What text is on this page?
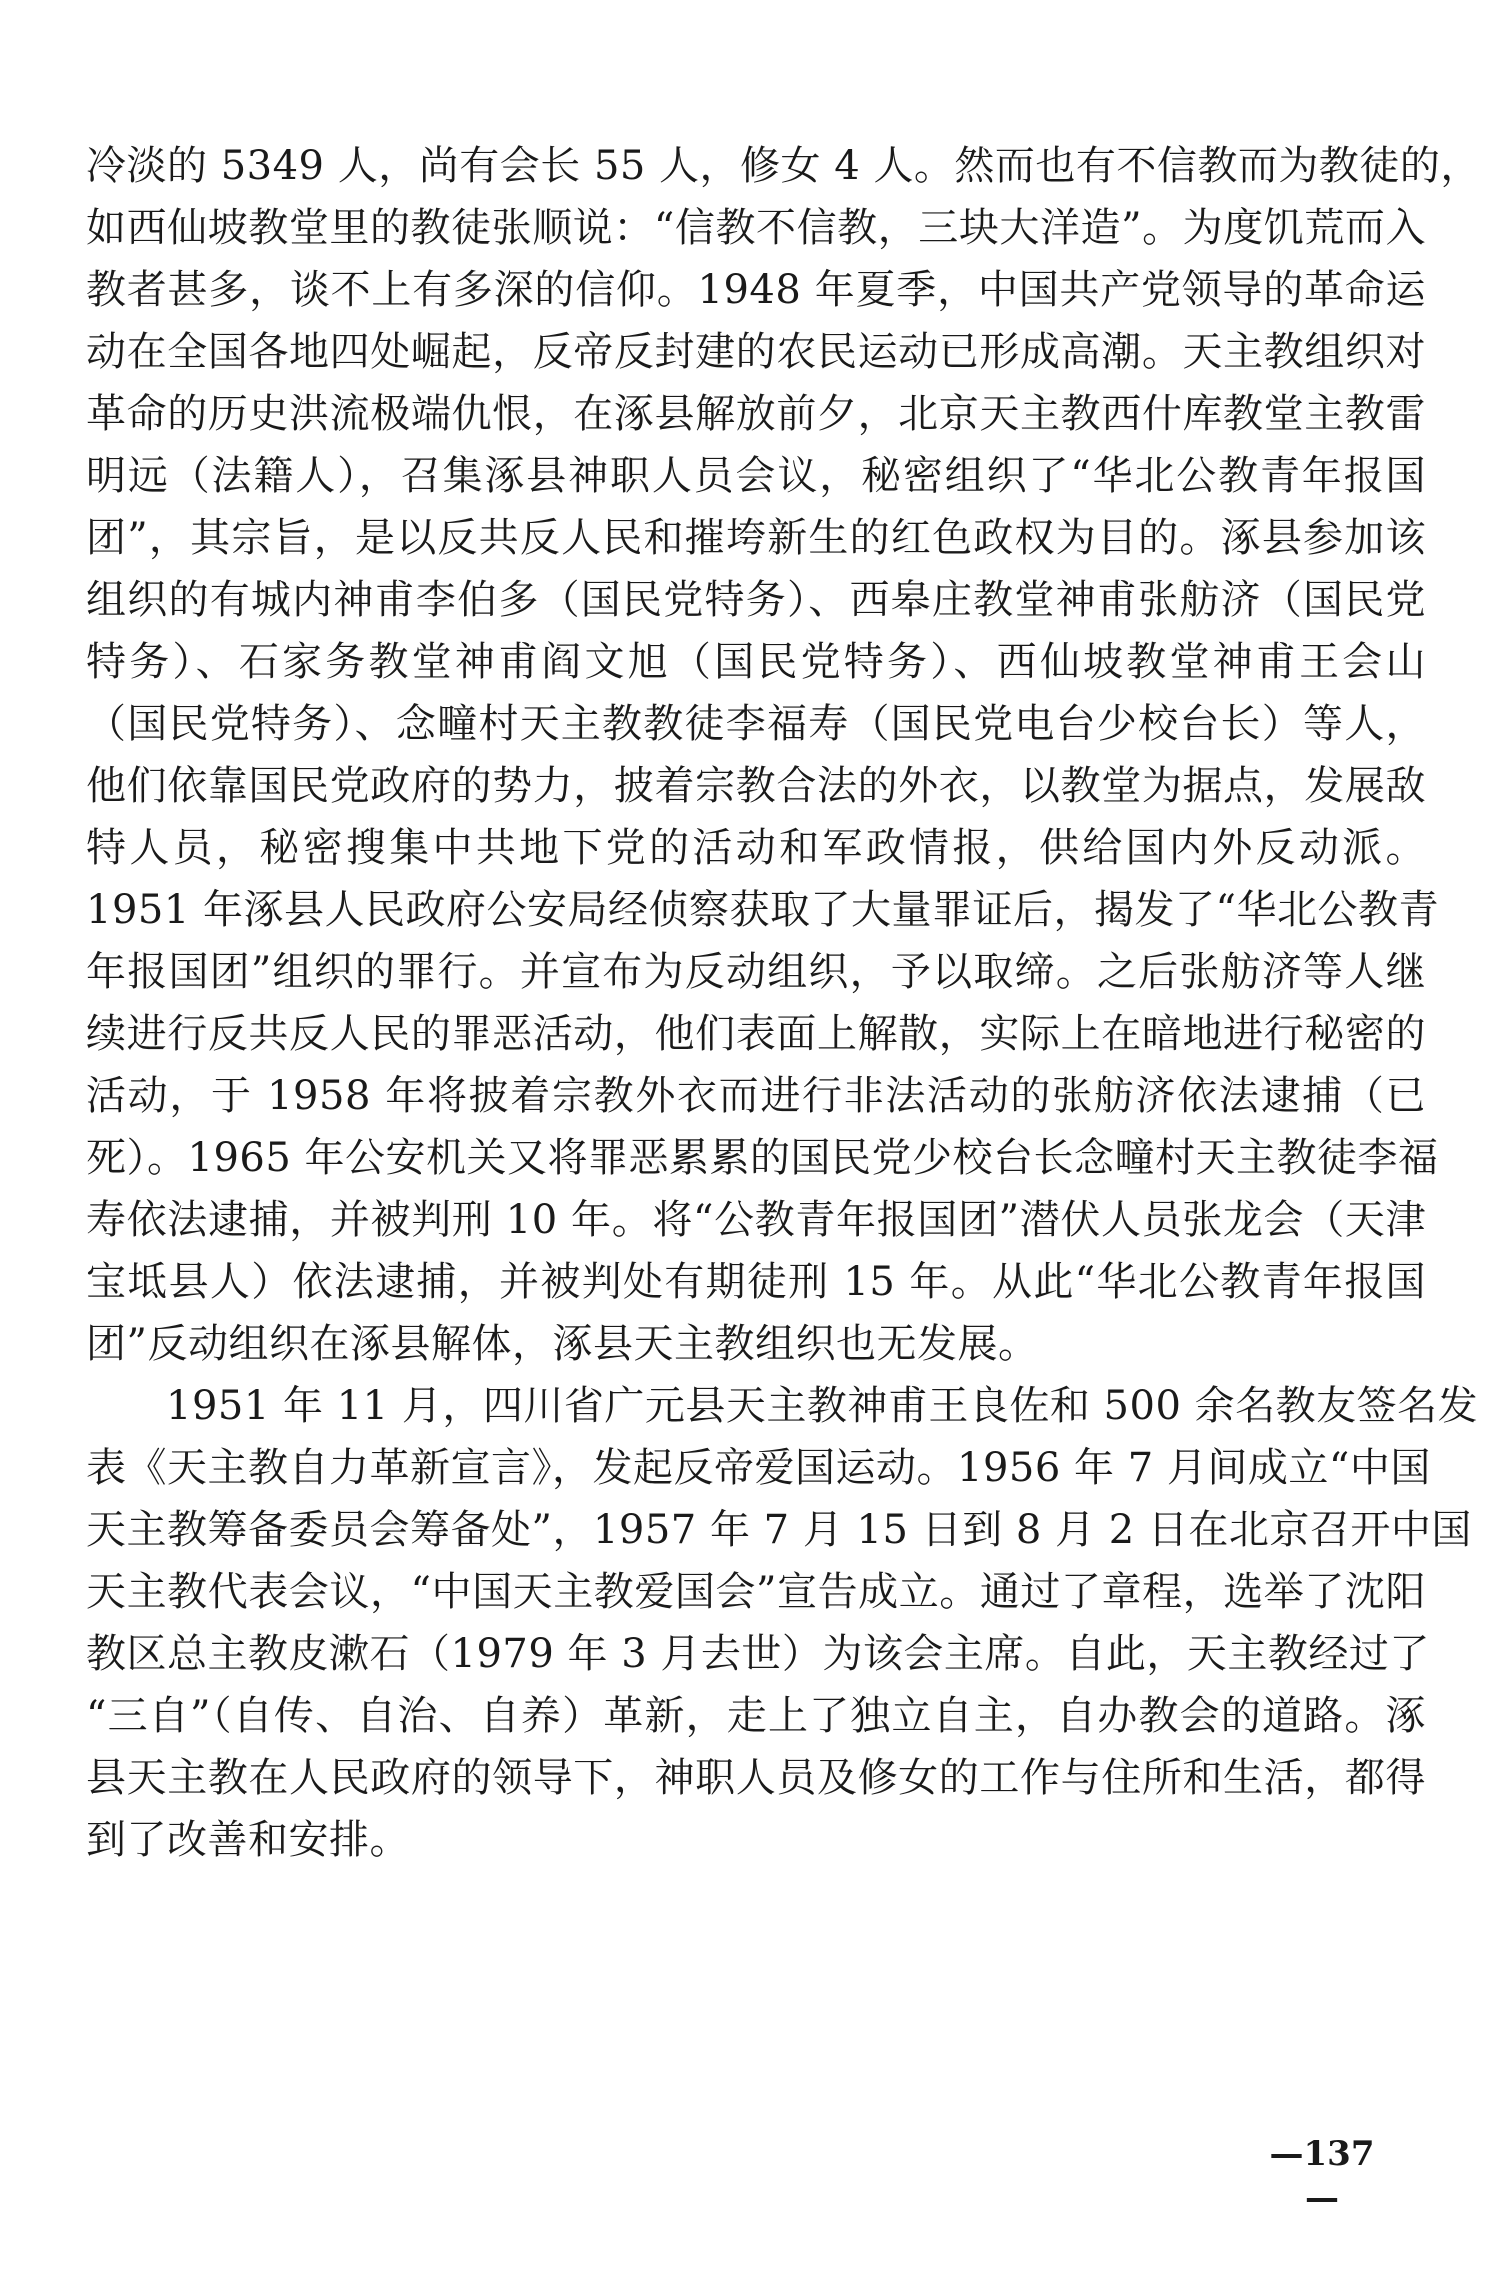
冷淡的 5349 人，尚有会长 55 人，修女 4 人。然而也有不信教而为教徒的，
如西仙坡教堂里的教徒张顺说：“信教不信教，三块大洋造”。为度饥荒而入
教者甚多，谈不上有多深的信仰。1948 年夏季，中国共产党领导的革命运
动在全国各地四处崛起，反帝反封建的农民运动已形成高潮。天主教组织对
革命的历史洪流极端仇恨，在涿县解放前夕，北京天主教西什库教堂主教雷
明远（法籍人），召集涿县神职人员会议，秘密组织了“华北公教青年报国
团”，其宗旨，是以反共反人民和摧垮新生的红色政权为目的。涿县参加该
组织的有城内神甫李伯多（国民党特务）、西皋庄教堂神甫张舫济（国民党
特务）、石家务教堂神甫阎文旭（国民党特务）、西仙坡教堂神甫王会山
（国民党特务）、念疃村天主教教徒李福寿（国民党电台少校台长）等人，
他们依靠国民党政府的势力，披着宗教合法的外衣，以教堂为据点，发展敌
特人员，秘密搜集中共地下党的活动和军政情报，供给国内外反动派。
1951 年涿县人民政府公安局经侦察获取了大量罪证后，揭发了“华北公教青
年报国团”组织的罪行。并宣布为反动组织，予以取缔。之后张舫济等人继
续进行反共反人民的罪恶活动，他们表面上解散，实际上在暗地进行秘密的
活动，于 1958 年将披着宗教外衣而进行非法活动的张舫济依法逮捕（已
死）。1965 年公安机关又将罪恶累累的国民党少校台长念疃村天主教徒李福
寿依法逮捕，并被判刑 10 年。将“公教青年报国团”潜伏人员张龙会（天津
宝坻县人）依法逮捕，并被判处有期徒刑 15 年。从此“华北公教青年报国
团”反动组织在涿县解体，涿县天主教组织也无发展。
1951 年 11 月，四川省广元县天主教神甫王良佐和 500 余名教友签名发
表《天主教自力革新宣言》，发起反帝爱国运动。1956 年 7 月间成立“中国
天主教筹备委员会筹备处”，1957 年 7 月 15 日到 8 月 2 日在北京召开中国
天主教代表会议，“中国天主教爱国会”宣告成立。通过了章程，选举了沈阳
教区总主教皮漱石（1979 年 3 月去世）为该会主席。自此，天主教经过了
“三自”（自传、自治、自养）革新，走上了独立自主，自办教会的道路。涿
县天主教在人民政府的领导下，神职人员及修女的工作与住所和生活，都得
到了改善和安排。
—137—
